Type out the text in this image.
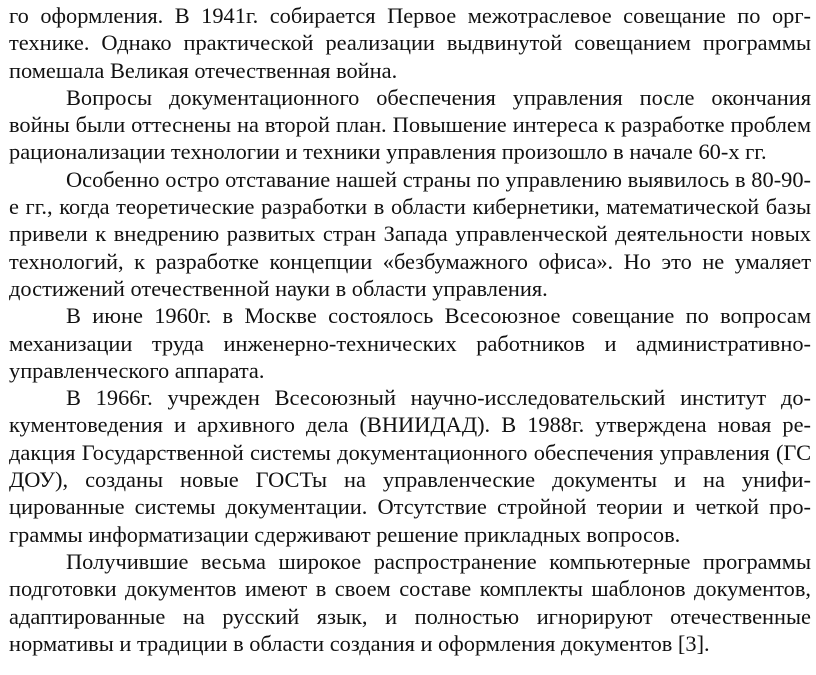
го оформления. В 1941г. собирается Первое межотраслевое совещание по оргтехнике. Однако практической реализации выдвинутой совещанием программы помешала Великая отечественная война.

Вопросы документационного обеспечения управления после окончания войны были оттеснены на второй план. Повышение интереса к разработке проблем рационализации технологии и техники управления произошло в начале 60-х гг.

Особенно остро отставание нашей страны по управлению выявилось в 80-90-е гг., когда теоретические разработки в области кибернетики, математической базы привели к внедрению развитых стран Запада управленческой деятельности новых технологий, к разработке концепции «безбумажного офиса». Но это не умаляет достижений отечественной науки в области управления.

В июне 1960г. в Москве состоялось Всесоюзное совещание по вопросам механизации труда инженерно-технических работников и административно-управленческого аппарата.

В 1966г. учрежден Всесоюзный научно-исследовательский институт документоведения и архивного дела (ВНИИДАД). В 1988г. утверждена новая редакция Государственной системы документационного обеспечения управления (ГС ДОУ), созданы новые ГОСТы на управленческие документы и на унифицированные системы документации. Отсутствие стройной теории и четкой программы информатизации сдерживают решение прикладных вопросов.

Получившие весьма широкое распространение компьютерные программы подготовки документов имеют в своем составе комплекты шаблонов документов, адаптированные на русский язык, и полностью игнорируют отечественные нормативы и традиции в области создания и оформления документов [3].
